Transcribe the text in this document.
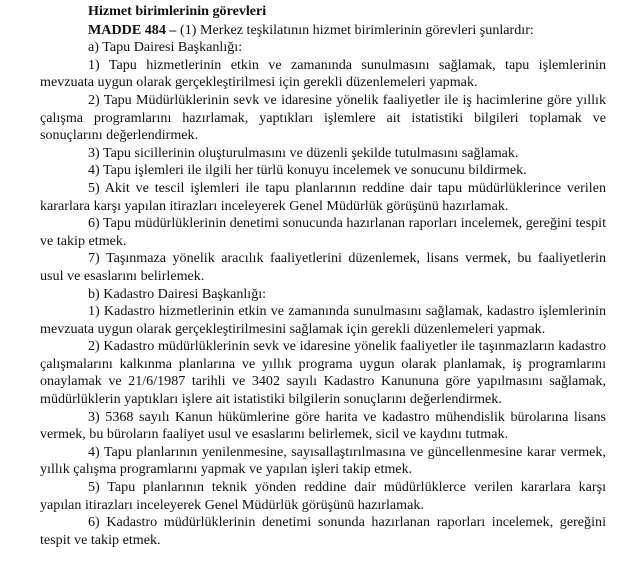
Hizmet birimlerinin görevleri
MADDE 484 – (1) Merkez teşkilatının hizmet birimlerinin görevleri şunlardır:
a) Tapu Dairesi Başkanlığı:

1) Tapu hizmetlerinin etkin ve zamanında sunulmasını sağlamak, tapu işlemlerinin mevzuata uygun olarak gerçekleştirilmesi için gerekli düzenlemeleri yapmak.

2) Tapu Müdürlüklerinin sevk ve idaresine yönelik faaliyetler ile iş hacimlerine göre yıllık çalışma programlarını hazırlamak, yaptıkları işlemlere ait istatistiki bilgileri toplamak ve sonuçlarını değerlendirmek.

3) Tapu sicillerinin oluşturulmasını ve düzenli şekilde tutulmasını sağlamak.

4) Tapu işlemleri ile ilgili her türlü konuyu incelemek ve sonucunu bildirmek.

5) Akit ve tescil işlemleri ile tapu planlarının reddine dair tapu müdürlüklerince verilen kararlara karşı yapılan itirazları inceleyerek Genel Müdürlük görüşünü hazırlamak.

6) Tapu müdürlüklerinin denetimi sonucunda hazırlanan raporları incelemek, gereğini tespit ve takip etmek.

7) Taşınmaza yönelik aracılık faaliyetlerini düzenlemek, lisans vermek, bu faaliyetlerin usul ve esaslarını belirlemek.

b) Kadastro Dairesi Başkanlığı:

1) Kadastro hizmetlerinin etkin ve zamanında sunulmasını sağlamak, kadastro işlemlerinin mevzuata uygun olarak gerçekleştirilmesini sağlamak için gerekli düzenlemeleri yapmak.

2) Kadastro müdürlüklerinin sevk ve idaresine yönelik faaliyetler ile taşınmazların kadastro çalışmalarını kalkınma planlarına ve yıllık programa uygun olarak planlamak, iş programlarını onaylamak ve 21/6/1987 tarihli ve 3402 sayılı Kadastro Kanununa göre yapılmasını sağlamak, müdürlüklerin yaptıkları işlere ait istatistiki bilgilerin sonuçlarını değerlendirmek.

3) 5368 sayılı Kanun hükümlerine göre harita ve kadastro mühendislik bürolarına lisans vermek, bu büroların faaliyet usul ve esaslarını belirlemek, sicil ve kaydını tutmak.

4) Tapu planlarının yenilenmesine, sayısallaştırılmasına ve güncellenmesine karar vermek, yıllık çalışma programlarını yapmak ve yapılan işleri takip etmek.

5) Tapu planlarının teknik yönden reddine dair müdürlüklerce verilen kararlara karşı yapılan itirazları inceleyerek Genel Müdürlük görüşünü hazırlamak.

6) Kadastro müdürlüklerinin denetimi sonunda hazırlanan raporları incelemek, gereğini tespit ve takip etmek.
